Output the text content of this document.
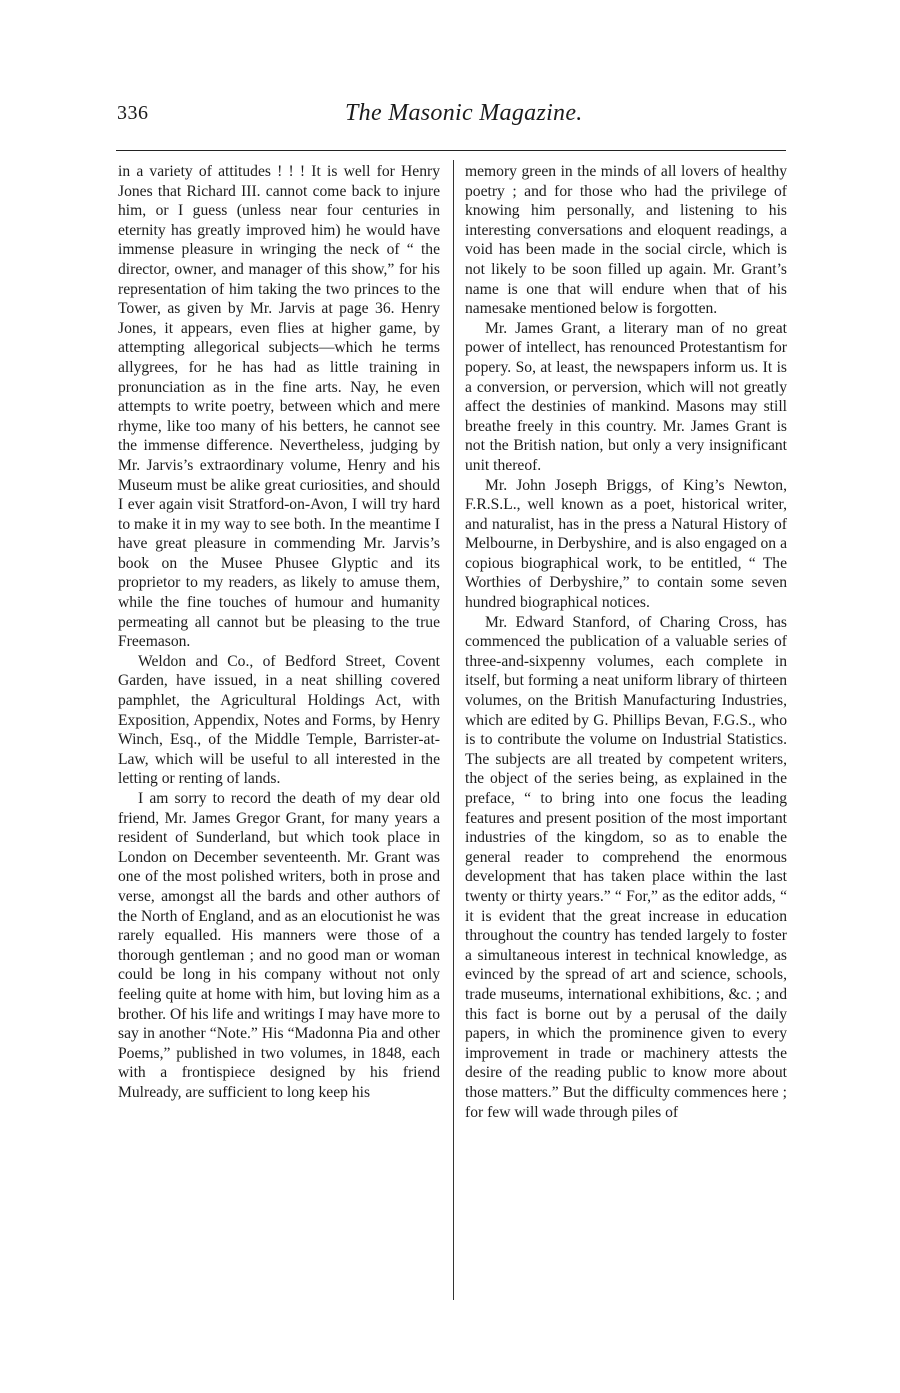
336	The Masonic Magazine.

in a variety of attitudes ! ! ! It is well for Henry Jones that Richard III. cannot come back to injure him, or I guess (unless near four centuries in eternity has greatly improved him) he would have immense pleasure in wringing the neck of “ the director, owner, and manager of this show,” for his representation of him taking the two princes to the Tower, as given by Mr. Jarvis at page 36. Henry Jones, it appears, even flies at higher game, by attempting allegorical subjects—which he terms allygrees, for he has had as little training in pronunciation as in the fine arts. Nay, he even attempts to write poetry, between which and mere rhyme, like too many of his betters, he cannot see the immense difference. Nevertheless, judging by Mr. Jarvis’s extraordinary volume, Henry and his Museum must be alike great curiosities, and should I ever again visit Stratford-on-Avon, I will try hard to make it in my way to see both. In the meantime I have great pleasure in commending Mr. Jarvis’s book on the Musee Phusee Glyptic and its proprietor to my readers, as likely to amuse them, while the fine touches of humour and humanity permeating all cannot but be pleasing to the true Freemason.

Weldon and Co., of Bedford Street, Covent Garden, have issued, in a neat shilling covered pamphlet, the Agricultural Holdings Act, with Exposition, Appendix, Notes and Forms, by Henry Winch, Esq., of the Middle Temple, Barrister-at-Law, which will be useful to all interested in the letting or renting of lands.

I am sorry to record the death of my dear old friend, Mr. James Gregor Grant, for many years a resident of Sunderland, but which took place in London on December seventeenth. Mr. Grant was one of the most polished writers, both in prose and verse, amongst all the bards and other authors of the North of England, and as an elocutionist he was rarely equalled. His manners were those of a thorough gentleman ; and no good man or woman could be long in his company without not only feeling quite at home with him, but loving him as a brother. Of his life and writings I may have more to say in another “Note.” His “Madonna Pia and other Poems,” published in two volumes, in 1848, each with a frontispiece designed by his friend Mulready, are sufficient to long keep his

memory green in the minds of all lovers of healthy poetry ; and for those who had the privilege of knowing him personally, and listening to his interesting conversations and eloquent readings, a void has been made in the social circle, which is not likely to be soon filled up again. Mr. Grant’s name is one that will endure when that of his namesake mentioned below is forgotten.

Mr. James Grant, a literary man of no great power of intellect, has renounced Protestantism for popery. So, at least, the newspapers inform us. It is a conversion, or perversion, which will not greatly affect the destinies of mankind. Masons may still breathe freely in this country. Mr. James Grant is not the British nation, but only a very insignificant unit thereof.

Mr. John Joseph Briggs, of King’s Newton, F.R.S.L., well known as a poet, historical writer, and naturalist, has in the press a Natural History of Melbourne, in Derbyshire, and is also engaged on a copious biographical work, to be entitled, “ The Worthies of Derbyshire,” to contain some seven hundred biographical notices.

Mr. Edward Stanford, of Charing Cross, has commenced the publication of a valuable series of three-and-sixpenny volumes, each complete in itself, but forming a neat uniform library of thirteen volumes, on the British Manufacturing Industries, which are edited by G. Phillips Bevan, F.G.S., who is to contribute the volume on Industrial Statistics. The subjects are all treated by competent writers, the object of the series being, as explained in the preface, “ to bring into one focus the leading features and present position of the most important industries of the kingdom, so as to enable the general reader to comprehend the enormous development that has taken place within the last twenty or thirty years.” “ For,” as the editor adds, “ it is evident that the great increase in education throughout the country has tended largely to foster a simultaneous interest in technical knowledge, as evinced by the spread of art and science, schools, trade museums, international exhibitions, &c. ; and this fact is borne out by a perusal of the daily papers, in which the prominence given to every improvement in trade or machinery attests the desire of the reading public to know more about those matters.” But the difficulty commences here ; for few will wade through piles of
